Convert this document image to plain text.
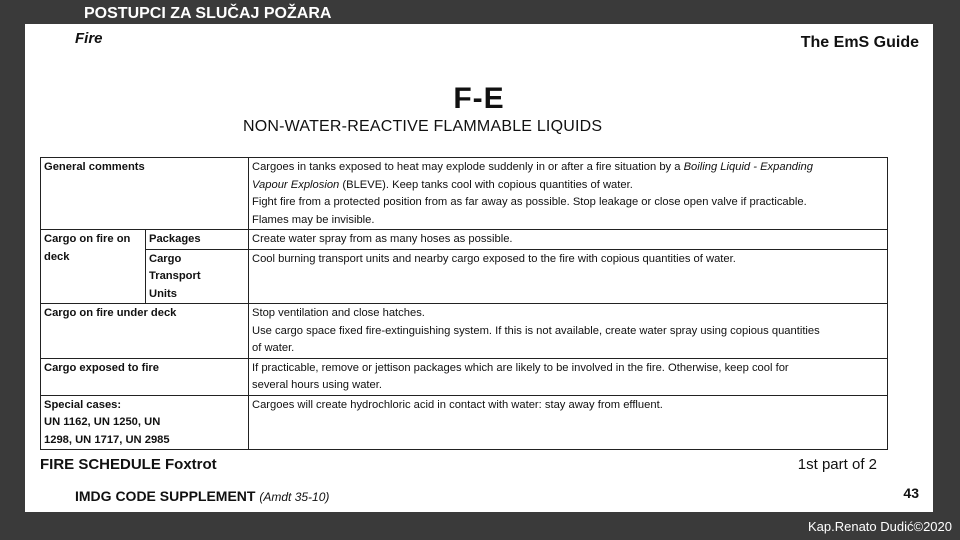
POSTUPCI ZA SLUČAJ POŽARA
Fire	The EmS Guide
F-E
NON-WATER-REACTIVE FLAMMABLE LIQUIDS
General comments		Cargoes in tanks exposed to heat may explode suddenly in or after a fire situation by a Boiling Liquid - Expanding
Vapour Explosion (BLEVE). Keep tanks cool with copious quantities of water.
Fight fire from a protected position from as far away as possible. Stop leakage or close open valve if practicable.
Flames may be invisible.

Cargo on fire on
deck	Packages	Create water spray from as many hoses as possible.

	Cargo
Transport
Units	Cool burning transport units and nearby cargo exposed to the fire with copious quantities of water.
Cargo on fire under deck		Stop ventilation and close hatches.
Use cargo space fixed fire-extinguishing system. If this is not available, create water spray using copious quantities
of water.

Cargo exposed to fire		If practicable, remove or jettison packages which are likely to be involved in the fire. Otherwise, keep cool for
several hours using water.

Special cases:
UN 1162, UN 1250, UN
1298, UN 1717, UN 2985		Cargoes will create hydrochloric acid in contact with water: stay away from effluent.
FIRE SCHEDULE Foxtrot	1st part of 2
IMDG CODE SUPPLEMENT (Amdt 35-10)	43
Kap.Renato Dudić©2020
